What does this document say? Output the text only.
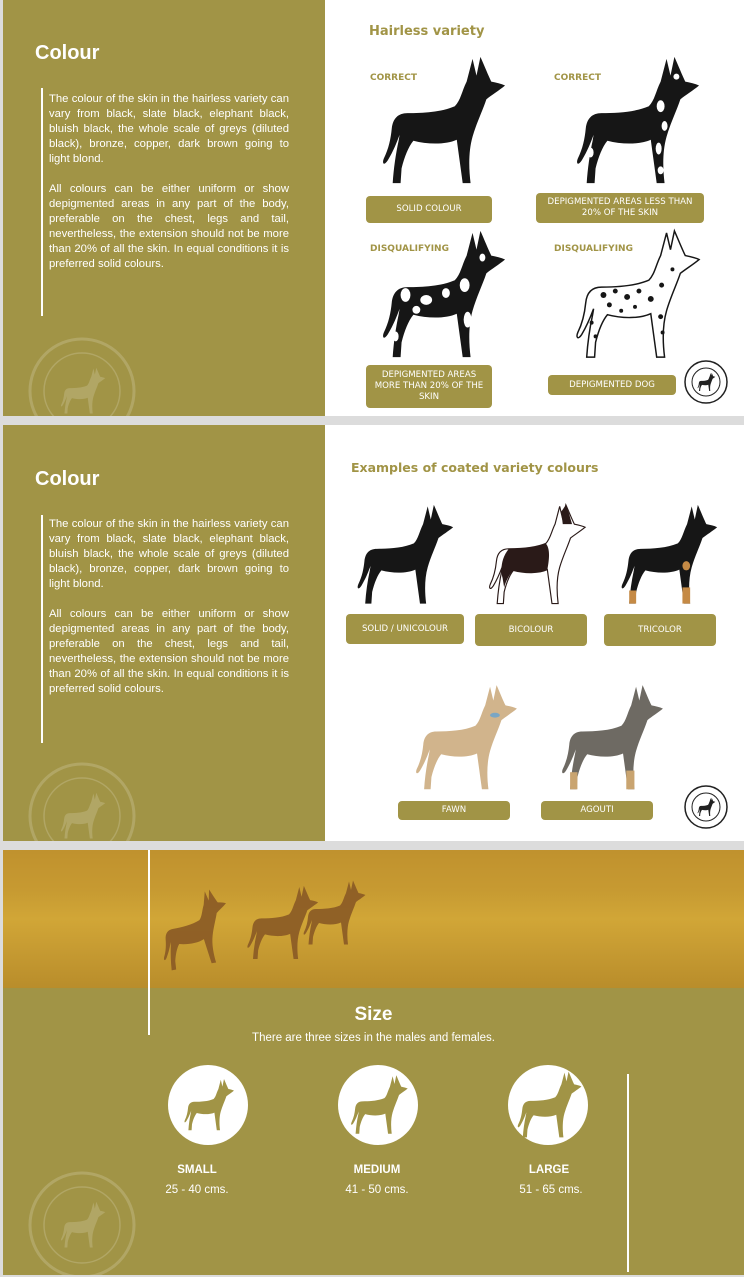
Colour

The colour of the skin in the hairless variety can vary from black, slate black, elephant black, bluish black, the whole scale of greys (diluted black), bronze, copper, dark brown going to light blond.

All colours can be either uniform or show depigmented areas in any part of the body, preferable on the chest, legs and tail, nevertheless, the extension should not be more than 20% of all the skin. In equal conditions it is preferred solid colours.

Hairless variety
CORRECT	CORRECT
DISQUALIFYING	DISQUALIFYING
SOLID COLOUR
DEPIGMENTED AREAS LESS THAN 20% OF THE SKIN
DEPIGMENTED AREAS MORE THAN 20% OF THE SKIN
DEPIGMENTED DOG
Colour

The colour of the skin in the hairless variety can vary from black, slate black, elephant black, bluish black, the whole scale of greys (diluted black), bronze, copper, dark brown going to light blond.

All colours can be either uniform or show depigmented areas in any part of the body, preferable on the chest, legs and tail, nevertheless, the extension should not be more than 20% of all the skin. In equal conditions it is preferred solid colours.

Examples of coated variety colours
SOLID / UNICOLOUR	BICOLOUR	TRICOLOR
FAWN	AGOUTI
Size
There are three sizes in the males and females.
SMALL
25 - 40 cms.
MEDIUM
41 - 50 cms.
LARGE
51 - 65 cms.
